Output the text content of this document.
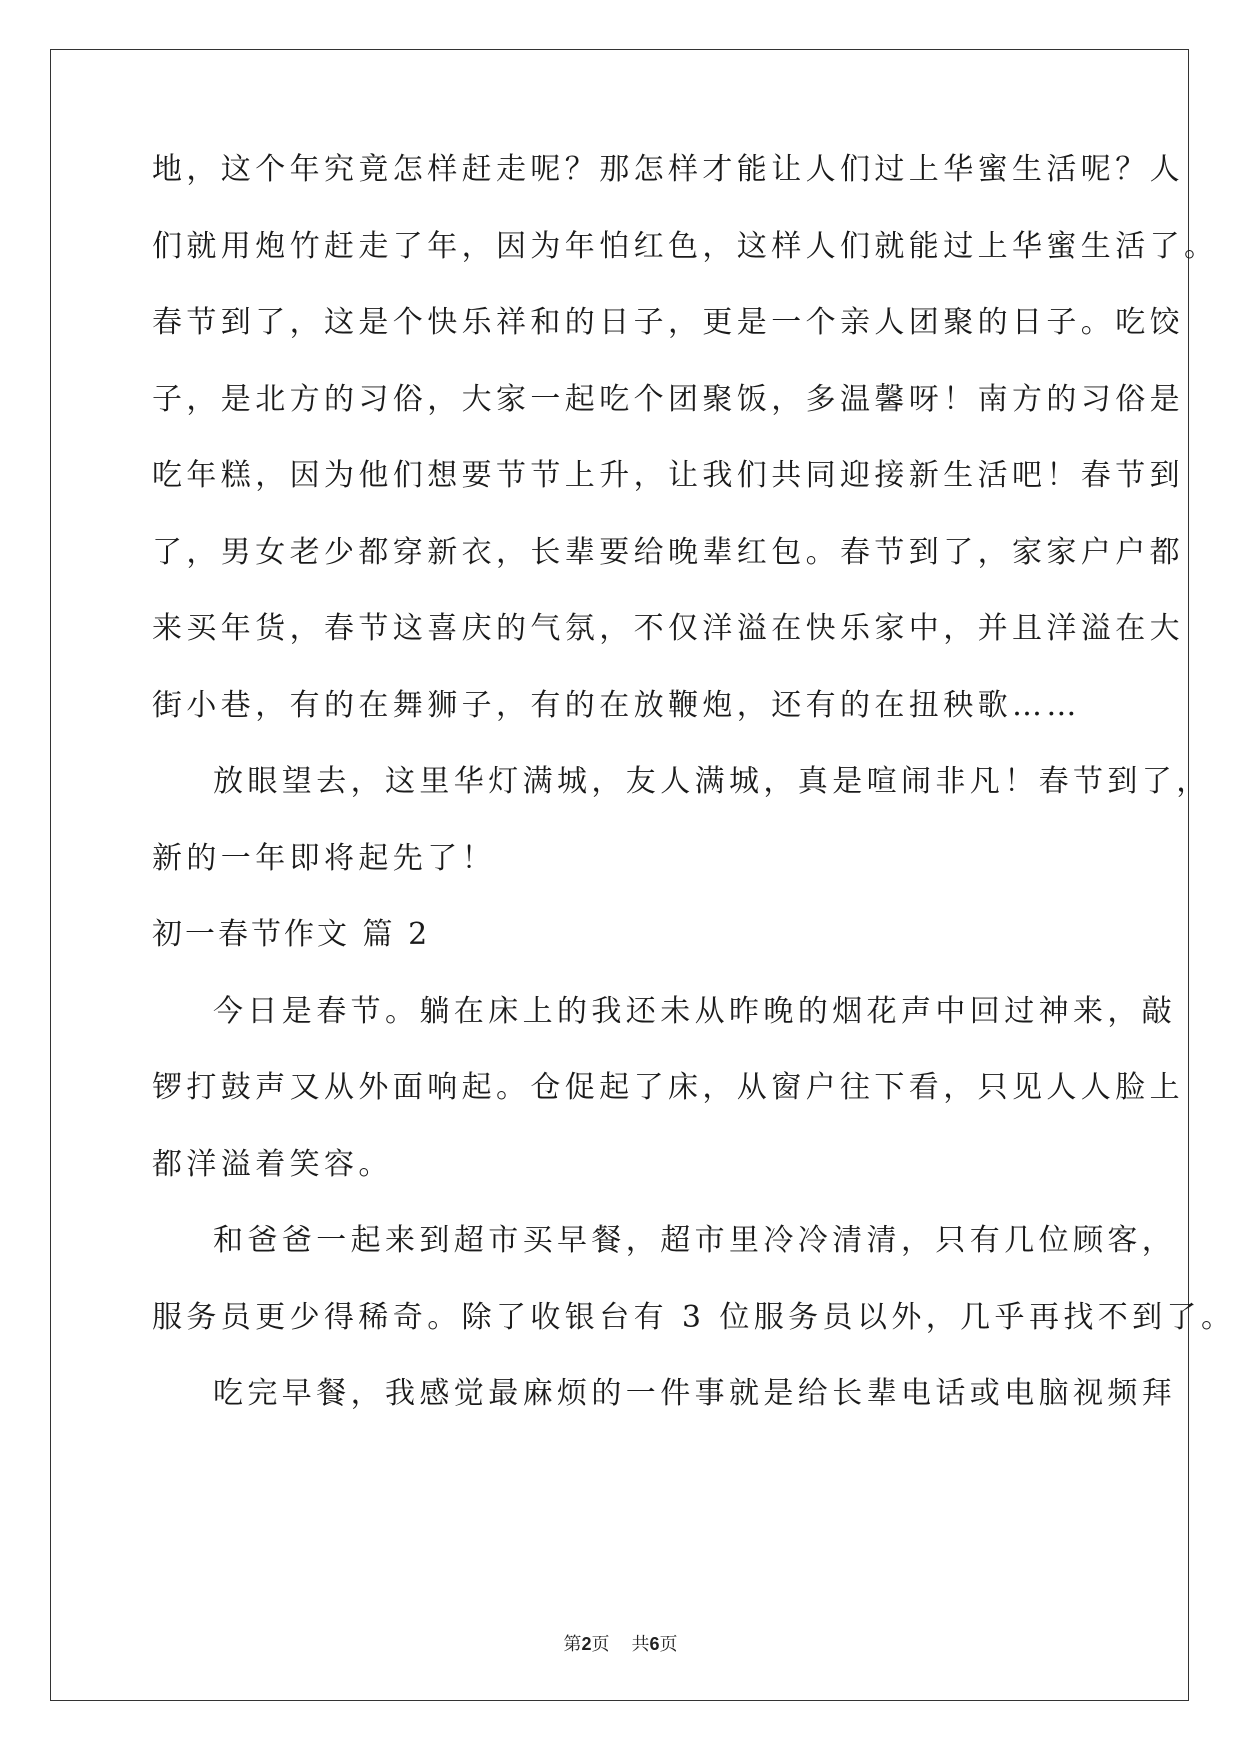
地，这个年究竟怎样赶走呢？那怎样才能让人们过上华蜜生活呢？人
们就用炮竹赶走了年，因为年怕红色，这样人们就能过上华蜜生活了。
春节到了，这是个快乐祥和的日子，更是一个亲人团聚的日子。吃饺
子，是北方的习俗，大家一起吃个团聚饭，多温馨呀！南方的习俗是
吃年糕，因为他们想要节节上升，让我们共同迎接新生活吧！春节到
了，男女老少都穿新衣，长辈要给晚辈红包。春节到了，家家户户都
来买年货，春节这喜庆的气氛，不仅洋溢在快乐家中，并且洋溢在大
街小巷，有的在舞狮子，有的在放鞭炮，还有的在扭秧歌……
放眼望去，这里华灯满城，友人满城，真是喧闹非凡！春节到了，
新的一年即将起先了！
初一春节作文 篇 2
今日是春节。躺在床上的我还未从昨晚的烟花声中回过神来，敲
锣打鼓声又从外面响起。仓促起了床，从窗户往下看，只见人人脸上
都洋溢着笑容。
和爸爸一起来到超市买早餐，超市里冷冷清清，只有几位顾客，
服务员更少得稀奇。除了收银台有 3 位服务员以外，几乎再找不到了。
吃完早餐，我感觉最麻烦的一件事就是给长辈电话或电脑视频拜
第2页 共6页
